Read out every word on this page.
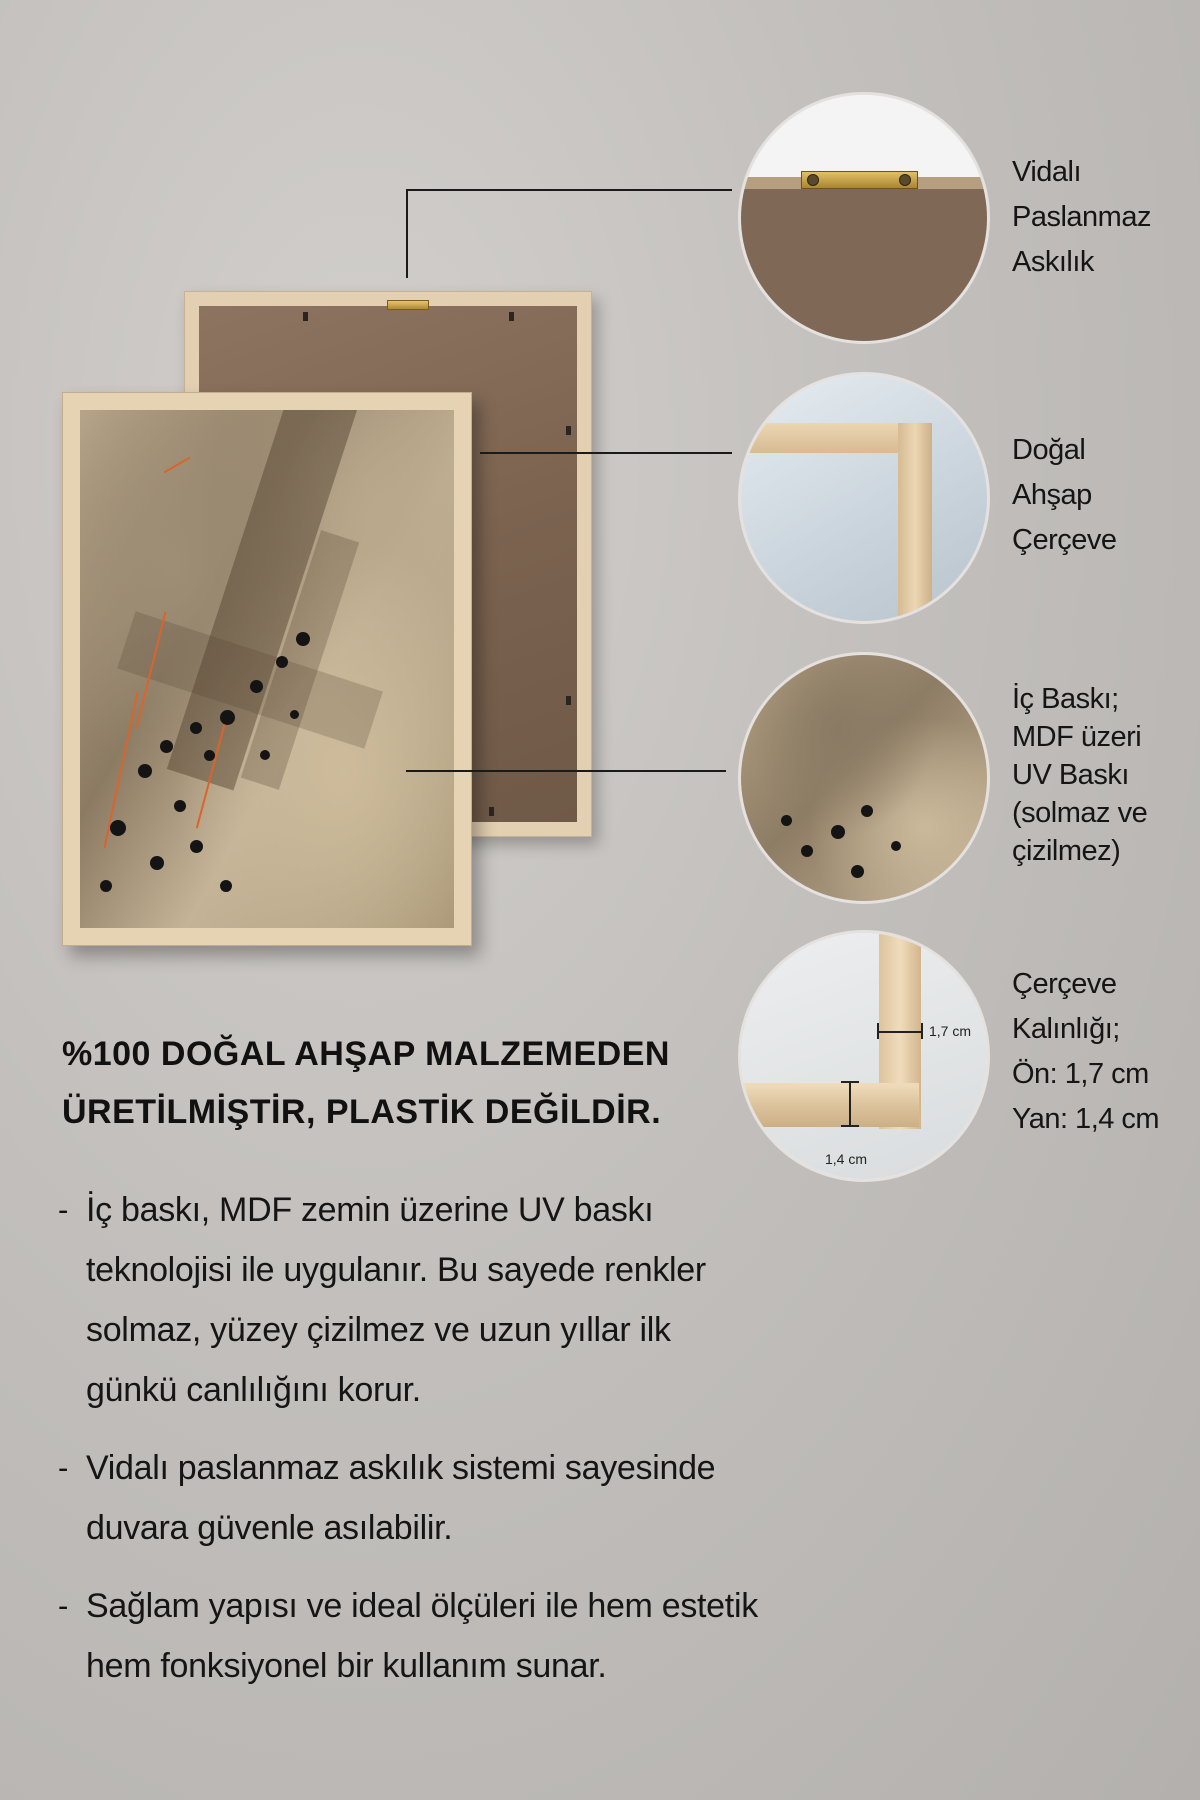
Vidalı
Paslanmaz
Askılık
Doğal
Ahşap
Çerçeve
İç Baskı;
MDF üzeri
UV Baskı
(solmaz ve
çizilmez)
1,7 cm
1,4 cm
Çerçeve
Kalınlığı;
Ön: 1,7 cm
Yan: 1,4 cm
%100 DOĞAL AHŞAP MALZEMEDEN ÜRETİLMİŞTİR, PLASTİK DEĞİLDİR.
- İç baskı, MDF zemin üzerine UV baskı teknolojisi ile uygulanır. Bu sayede renkler solmaz, yüzey çizilmez ve uzun yıllar ilk günkü canlılığını korur.
- Vidalı paslanmaz askılık sistemi sayesinde duvara güvenle asılabilir.
- Sağlam yapısı ve ideal ölçüleri ile hem estetik hem fonksiyonel bir kullanım sunar.
